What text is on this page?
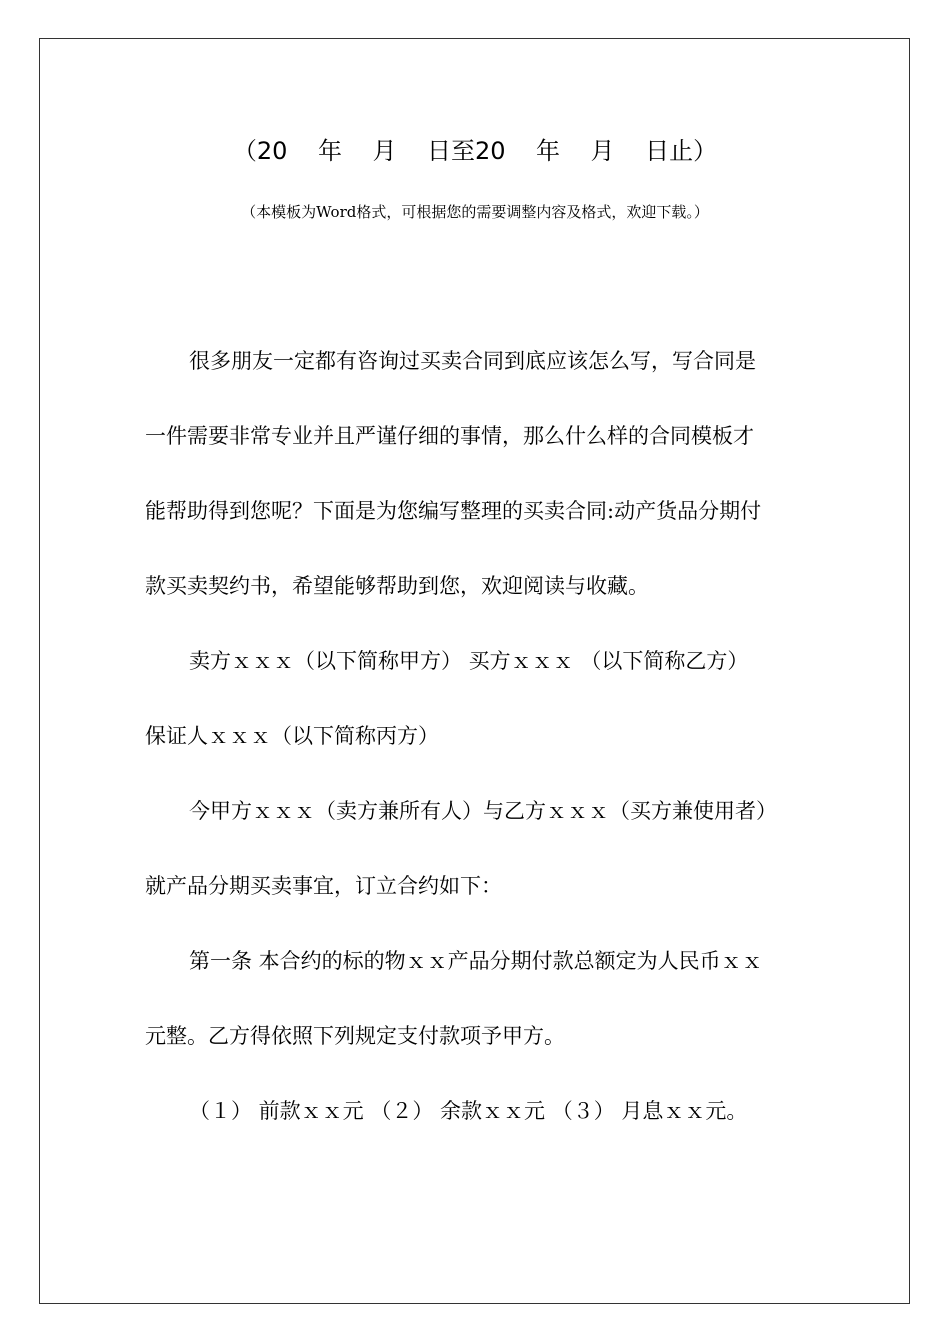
（20    年    月    日至20    年    月    日止）
（本模板为Word格式，可根据您的需要调整内容及格式，欢迎下载。）
很多朋友一定都有咨询过买卖合同到底应该怎么写，写合同是
一件需要非常专业并且严谨仔细的事情，那么什么样的合同模板才
能帮助得到您呢？下面是为您编写整理的买卖合同:动产货品分期付
款买卖契约书，希望能够帮助到您，欢迎阅读与收藏。
卖方ｘｘｘ（以下简称甲方） 买方ｘｘｘ （以下简称乙方）
保证人ｘｘｘ（以下简称丙方）
今甲方ｘｘｘ（卖方兼所有人）与乙方ｘｘｘ（买方兼使用者）
就产品分期买卖事宜，订立合约如下：
第一条 本合约的标的物ｘｘ产品分期付款总额定为人民币ｘｘ
元整。乙方得依照下列规定支付款项予甲方。
（１） 前款ｘｘ元 （２） 余款ｘｘ元 （３） 月息ｘｘ元。
